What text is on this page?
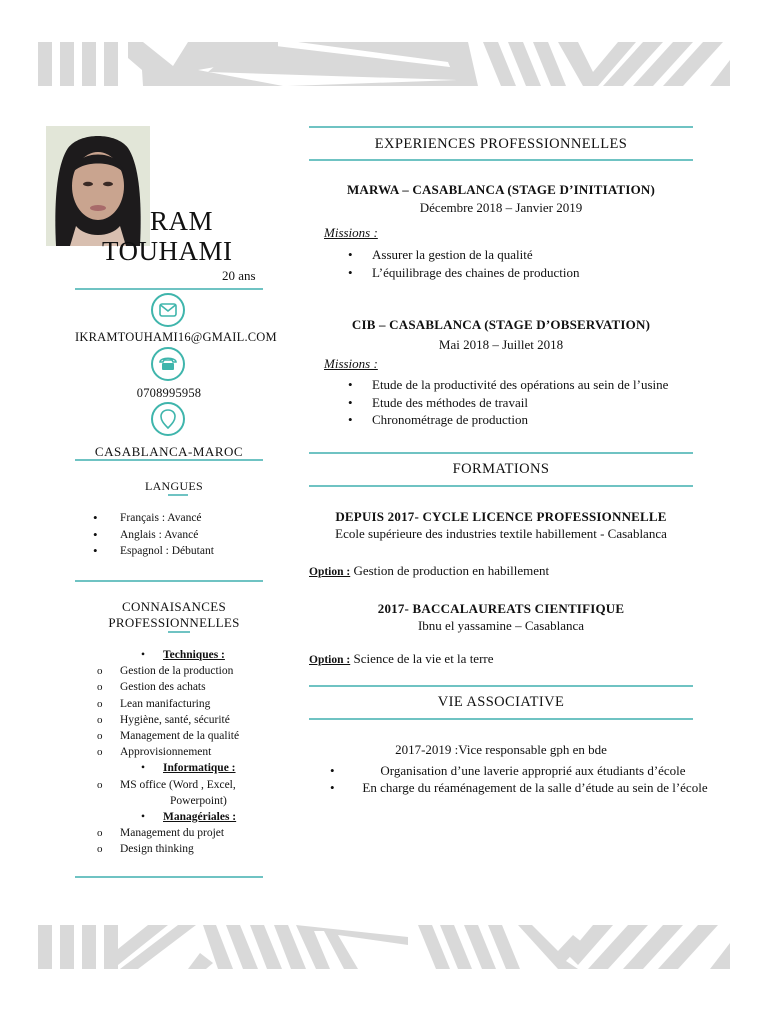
RAM
TOUHAMI
20 ans
IKRAMTOUHAMI16@GMAIL.COM
0708995958
CASABLANCA-MAROC
LANGUES
• Français : Avancé
• Anglais : Avancé
• Espagnol : Débutant
CONNAISANCES
PROFESSIONNELLES
• Techniques :
o Gestion de la production
o Gestion des achats
o Lean manifacturing
o Hygiène, santé, sécurité
o Management de la qualité
o Approvisionnement
• Informatique :
o MS office (Word , Excel,
Powerpoint)
• Managériales :
o Management du projet
o Design thinking
EXPERIENCES PROFESSIONNELLES
MARWA – CASABLANCA (STAGE D’INITIATION)
Décembre 2018 – Janvier 2019
Missions :
• Assurer la gestion de la qualité
• L’équilibrage des chaines de production
CIB – CASABLANCA (STAGE D’OBSERVATION)
Mai 2018 – Juillet 2018
Missions :
• Etude de la productivité des opérations au sein de l’usine
• Etude des méthodes de travail
• Chronométrage de production
FORMATIONS
DEPUIS 2017- CYCLE LICENCE PROFESSIONNELLE
Ecole supérieure des industries textile habillement - Casablanca
Option : Gestion de production en habillement
2017- BACCALAUREATS CIENTIFIQUE
Ibnu el yassamine – Casablanca
Option : Science de la vie et la terre
VIE ASSOCIATIVE
2017-2019 :Vice responsable gph en bde
• Organisation d’une laverie approprié aux étudiants d’école
• En charge du réaménagement de la salle d’étude au sein de l’école
